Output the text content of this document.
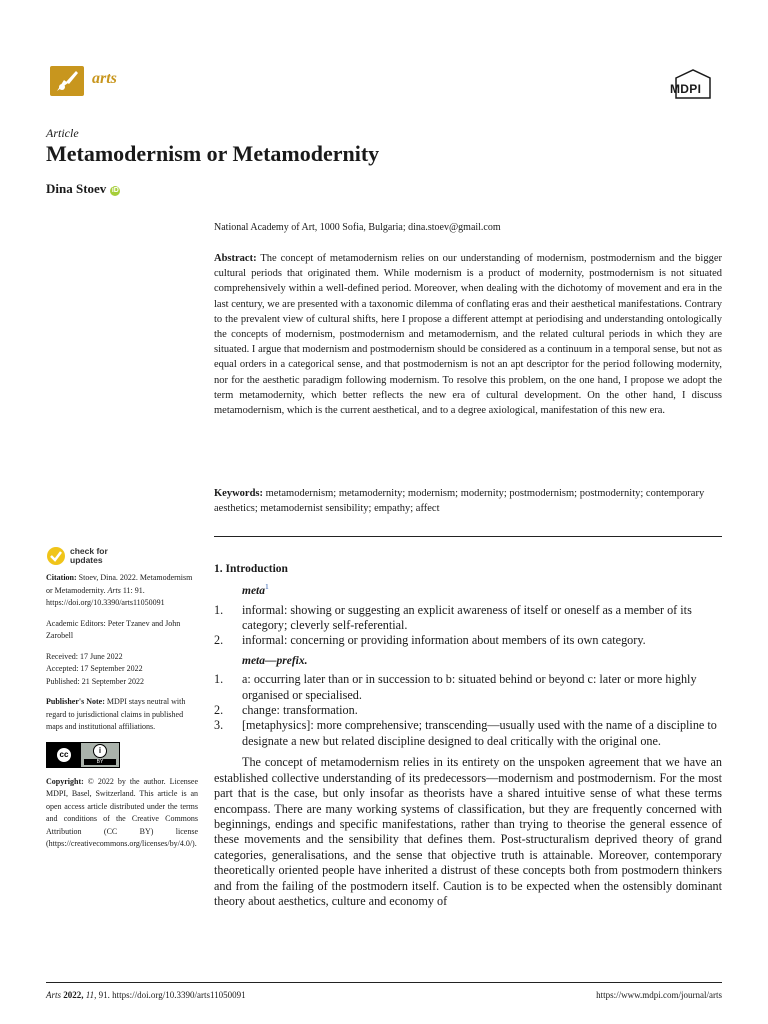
arts
MDPI
Article
Metamodernism or Metamodernity
Dina Stoev iD
National Academy of Art, 1000 Sofia, Bulgaria; dina.stoev@gmail.com
Abstract: The concept of metamodernism relies on our understanding of modernism, postmodernism and the bigger cultural periods that originated them. While modernism is a product of modernity, postmodernism is not situated comprehensively within a well-defined period. Moreover, when dealing with the dichotomy of movement and era in the last century, we are presented with a taxonomic dilemma of conflating eras and their aesthetical manifestations. Contrary to the prevalent view of cultural shifts, here I propose a different attempt at periodising and understanding ontologically the concepts of modernism, postmodernism and metamodernism, and the related cultural periods in which they are situated. I argue that modernism and postmodernism should be considered as a continuum in a temporal sense, but not as equal orders in a categorical sense, and that postmodernism is not an apt descriptor for the period following modernity, nor for the aesthetic paradigm following modernism. To resolve this problem, on the one hand, I propose we adopt the term metamodernity, which better reflects the new era of cultural development. On the other hand, I discuss metamodernism, which is the current aesthetical, and to a degree axiological, manifestation of this new era.
Keywords: metamodernism; metamodernity; modernism; modernity; postmodernism; postmodernity; contemporary aesthetics; metamodernist sensibility; empathy; affect
check for
updates
Citation: Stoev, Dina. 2022. Metamodernism or Metamodernity. Arts 11: 91. https://doi.org/10.3390/arts11050091
Academic Editors: Peter Tzanev and John Zarobell
Received: 17 June 2022
Accepted: 17 September 2022
Published: 21 September 2022
Publisher's Note: MDPI stays neutral with regard to jurisdictional claims in published maps and institutional affiliations.
cc	i
BY
Copyright: © 2022 by the author. Licensee MDPI, Basel, Switzerland. This article is an open access article distributed under the terms and conditions of the Creative Commons Attribution (CC BY) license (https://creativecommons.org/licenses/by/4.0/).
1. Introduction
meta$^1$
1.	informal: showing or suggesting an explicit awareness of itself or oneself as a member of its category; cleverly self-referential.
2.	informal: concerning or providing information about members of its own category.
meta—prefix.
1.	a: occurring later than or in succession to b: situated behind or beyond c: later or more highly organised or specialised.
2.	change: transformation.
3.	[metaphysics]: more comprehensive; transcending—usually used with the name of a discipline to designate a new but related discipline designed to deal critically with the original one.

The concept of metamodernism relies in its entirety on the unspoken agreement that we have an established collective understanding of its predecessors—modernism and postmodernism. For the most part that is the case, but only insofar as theorists have a shared intuitive sense of what these terms encompass. There are many working systems of classification, but they are frequently concerned with beginnings, endings and specific manifestations, rather than trying to theorise the general essence of these movements and the sensibility that defines them. Post-structuralism deprived theory of grand categories, generalisations, and the sense that objective truth is attainable. Moreover, contemporary theoretically oriented people have inherited a distrust of these concepts both from postmodern thinkers and from the failing of the postmodern itself. Caution is to be expected when the ostensibly dominant theory about aesthetics, culture and economy of

Arts 2022, 11, 91. https://doi.org/10.3390/arts11050091	https://www.mdpi.com/journal/arts
